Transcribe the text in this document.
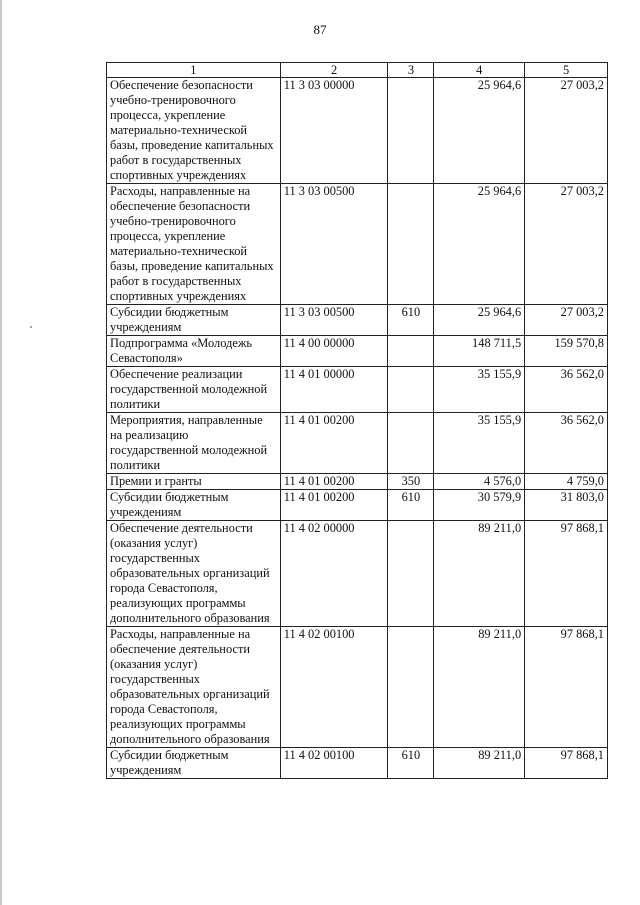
87
1	2	3	4	5
Обеспечение безопасности учебно-тренировочного процесса, укрепление материально-технической базы, проведение капитальных работ в государственных спортивных учреждениях	11 3 03 00000		25 964,6	27 003,2
Расходы, направленные на обеспечение безопасности учебно-тренировочного процесса, укрепление материально-технической базы, проведение капитальных работ в государственных спортивных учреждениях	11 3 03 00500		25 964,6	27 003,2
Субсидии бюджетным учреждениям	11 3 03 00500	610	25 964,6	27 003,2
Подпрограмма «Молодежь Севастополя»	11 4 00 00000		148 711,5	159 570,8
Обеспечение реализации государственной молодежной политики	11 4 01 00000		35 155,9	36 562,0
Мероприятия, направленные на реализацию государственной молодежной политики	11 4 01 00200		35 155,9	36 562,0
Премии и гранты	11 4 01 00200	350	4 576,0	4 759,0
Субсидии бюджетным учреждениям	11 4 01 00200	610	30 579,9	31 803,0
Обеспечение деятельности (оказания услуг) государственных образовательных организаций города Севастополя, реализующих программы дополнительного образования	11 4 02 00000		89 211,0	97 868,1
Расходы, направленные на обеспечение деятельности (оказания услуг) государственных образовательных организаций города Севастополя, реализующих программы дополнительного образования	11 4 02 00100		89 211,0	97 868,1
Субсидии бюджетным учреждениям	11 4 02 00100	610	89 211,0	97 868,1
